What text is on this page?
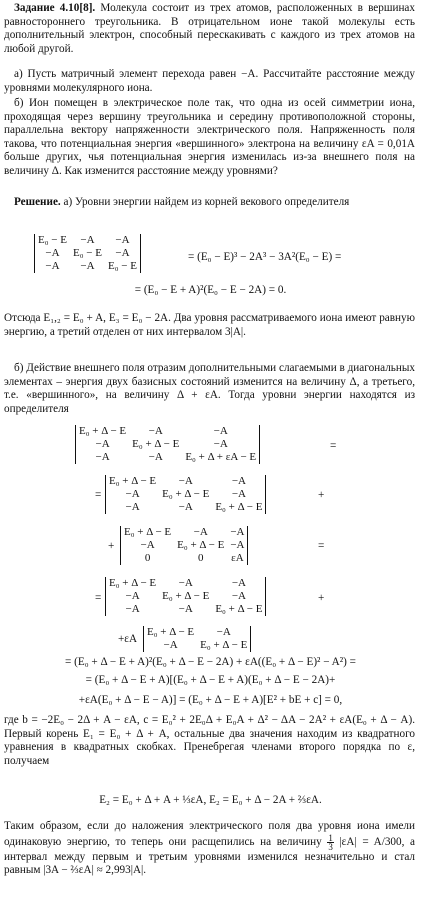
Задание 4.10[8]. Молекула состоит из трех атомов, расположенных в вершинах равностороннего треугольника. В отрицательном ионе такой молекулы есть дополнительный электрон, способный перескакивать с каждого из трех атомов на любой другой.

а) Пусть матричный элемент перехода равен −A. Рассчитайте расстояние между уровнями молекулярного иона.

б) Ион помещен в электрическое поле так, что одна из осей симметрии иона, проходящая через вершину треугольника и середину противоположной стороны, параллельна вектору напряженности электрического поля. Напряженность поля такова, что потенциальная энергия «вершинного» электрона на величину εA = 0,01A больше других, чья потенциальная энергия изменилась из-за внешнего поля на величину Δ. Как изменится расстояние между уровнями?

Решение. а) Уровни энергии найдем из корней векового определителя

E₀ − E	−A	−A
−A	E₀ − E	−A
−A	−A	E₀ − E
= (E₀ − E)³ − 2A³ − 3A²(E₀ − E) =

= (E₀ − E + A)²(E₀ − E − 2A) = 0.

Отсюда E₁,₂ = E₀ + A, E₃ = E₀ − 2A. Два уровня рассматриваемого иона имеют равную энергию, а третий отделен от них интервалом 3|A|.

б) Действие внешнего поля отразим дополнительными слагаемыми в диагональных элементах – энергия двух базисных состояний изменится на величину Δ, а третьего, т.е. «вершинного», на величину Δ + εA. Тогда уровни энергии находятся из определителя

E₀ + Δ − E	−A	−A
−A	E₀ + Δ − E	−A
−A	−A	E₀ + Δ + εA − E
=
=
E₀ + Δ − E	−A	−A
−A	E₀ + Δ − E	−A
−A	−A	E₀ + Δ − E
+
+
E₀ + Δ − E	−A	−A
−A	E₀ + Δ − E	−A
0	0	εA
=
=
E₀ + Δ − E	−A	−A
−A	E₀ + Δ − E	−A
−A	−A	E₀ + Δ − E
+
+εA
E₀ + Δ − E	−A
−A	E₀ + Δ − E

= (E₀ + Δ − E + A)²(E₀ + Δ − E − 2A) + εA((E₀ + Δ − E)² − A²) =

= (E₀ + Δ − E + A)[(E₀ + Δ − E + A)(E₀ + Δ − E − 2A)+

+εA(E₀ + Δ − E − A)] = (E₀ + Δ − E + A)[E² + bE + c] = 0,

где b = −2E₀ − 2Δ + A − εA, c = E₀² + 2E₀Δ + E₀A + Δ² − ΔA − 2A² + εA(E₀ + Δ − A). Первый корень E₁ = E₀ + Δ + A, остальные два значения находим из квадратного уравнения в квадратных скобках. Пренебрегая членами второго порядка по ε, получаем

E₂ = E₀ + Δ + A + ⅓εA, E₂ = E₀ + Δ − 2A + ⅔εA.

Таким образом, если до наложения электрического поля два уровня иона имели одинаковую энергию, то теперь они расщепились на величину $\frac{1}{3} |\varepsilon A| = A/300$, а интервал между первым и третьим уровнями изменился незначительно и стал равным |3A − ⅔εA| ≈ 2,993|A|.
